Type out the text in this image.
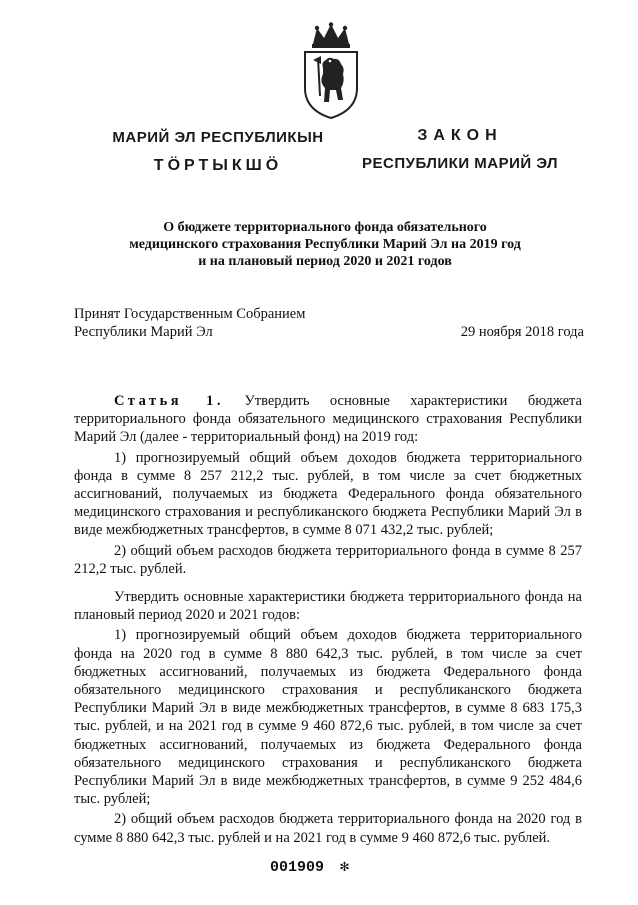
МАРИЙ ЭЛ РЕСПУБЛИКЫН
ТӦРТЫКШӦ
ЗАКОН
РЕСПУБЛИКИ МАРИЙ ЭЛ
О бюджете территориального фонда обязательного
медицинского страхования Республики Марий Эл на 2019 год
и на плановый период 2020 и 2021 годов
Принят Государственным Собранием
Республики Марий Эл	29 ноября 2018 года

Статья 1. Утвердить основные характеристики бюджета территориального фонда обязательного медицинского страхования Республики Марий Эл (далее - территориальный фонд) на 2019 год:

1) прогнозируемый общий объем доходов бюджета территориального фонда в сумме 8 257 212,2 тыс. рублей, в том числе за счет бюджетных ассигнований, получаемых из бюджета Федерального фонда обязательного медицинского страхования и республиканского бюджета Республики Марий Эл в виде межбюджетных трансфертов, в сумме 8 071 432,2 тыс. рублей;

2) общий объем расходов бюджета территориального фонда в сумме 8 257 212,2 тыс. рублей.

Утвердить основные характеристики бюджета территориального фонда на плановый период 2020 и 2021 годов:

1) прогнозируемый общий объем доходов бюджета территориального фонда на 2020 год в сумме 8 880 642,3 тыс. рублей, в том числе за счет бюджетных ассигнований, получаемых из бюджета Федерального фонда обязательного медицинского страхования и республиканского бюджета Республики Марий Эл в виде межбюджетных трансфертов, в сумме 8 683 175,3 тыс. рублей, и на 2021 год в сумме 9 460 872,6 тыс. рублей, в том числе за счет бюджетных ассигнований, получаемых из бюджета Федерального фонда обязательного медицинского страхования и республиканского бюджета Республики Марий Эл в виде межбюджетных трансфертов, в сумме 9 252 484,6 тыс. рублей;

2) общий объем расходов бюджета территориального фонда на 2020 год в сумме 8 880 642,3 тыс. рублей и на 2021 год в сумме 9 460 872,6 тыс. рублей.

001909 ✻
